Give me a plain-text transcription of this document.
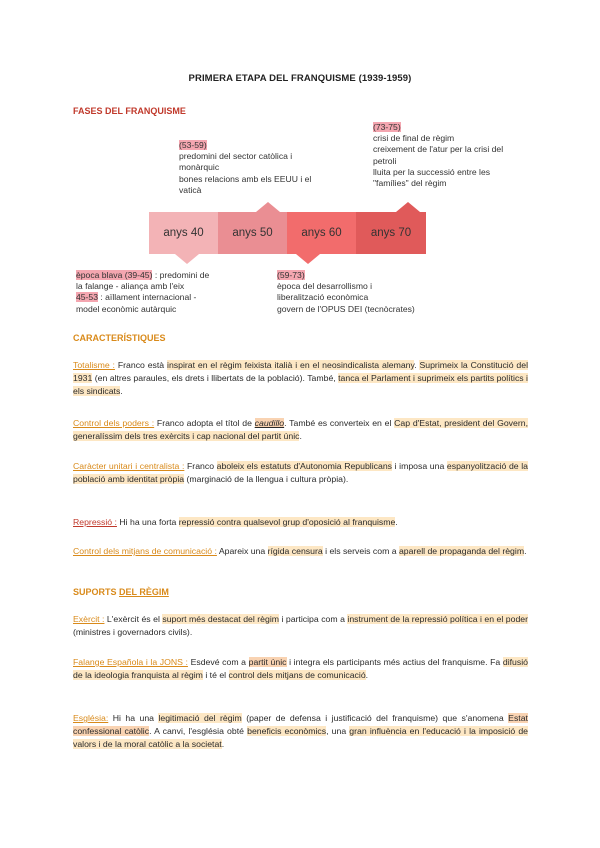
PRIMERA ETAPA DEL FRANQUISME (1939-1959)
FASES DEL FRANQUISME
(53-59)
predomini del sector catòlica i
monàrquic
bones relacions amb els EEUU i el
vaticà
(73-75)
crisi de final de règim
creixement de l'atur per la crisi del
petroli
lluita per la successió entre les
"famílies" del règim
anys 40 anys 50 anys 60	anys 70
època blava (39-45) : predomini de
la falange - aliança amb l'eix
45-53 : aïllament internacional -
model econòmic autàrquic
(59-73)
època del desarrollismo i
liberalització econòmica
govern de l'OPUS DEI (tecnòcrates)
CARACTERÍSTIQUES
Totalisme : Franco està inspirat en el règim feixista italià i en el neosindicalista alemany. Suprimeix la Constitució del 1931 (en altres paraules, els drets i llibertats de la població). També, tanca el Parlament i suprimeix els partits polítics i els sindicats.
Control dels poders : Franco adopta el títol de caudillo. També es converteix en el Cap d'Estat, president del Govern, generalíssim dels tres exèrcits i cap nacional del partit únic.
Caràcter unitari i centralista : Franco aboleix els estatuts d'Autonomia Republicans i imposa una espanyolització de la població amb identitat pròpia (marginació de la llengua i cultura pròpia).
Repressió : Hi ha una forta repressió contra qualsevol grup d'oposició al franquisme.
Control dels mitjans de comunicació : Apareix una rígida censura i els serveis com a aparell de propaganda del règim.
SUPORTS DEL RÈGIM
Exèrcit : L'exèrcit és el suport més destacat del règim i participa com a instrument de la repressió política i en el poder (ministres i governadors civils).
Falange Española i la JONS : Esdevé com a partit únic i integra els participants més actius del franquisme. Fa difusió de la ideologia franquista al règim i té el control dels mitjans de comunicació.
Església: Hi ha una legitimació del règim (paper de defensa i justificació del franquisme) que s'anomena Estat confessional catòlic. A canvi, l'església obté beneficis econòmics, una gran influència en l'educació i la imposició de valors i de la moral catòlic a la societat.
